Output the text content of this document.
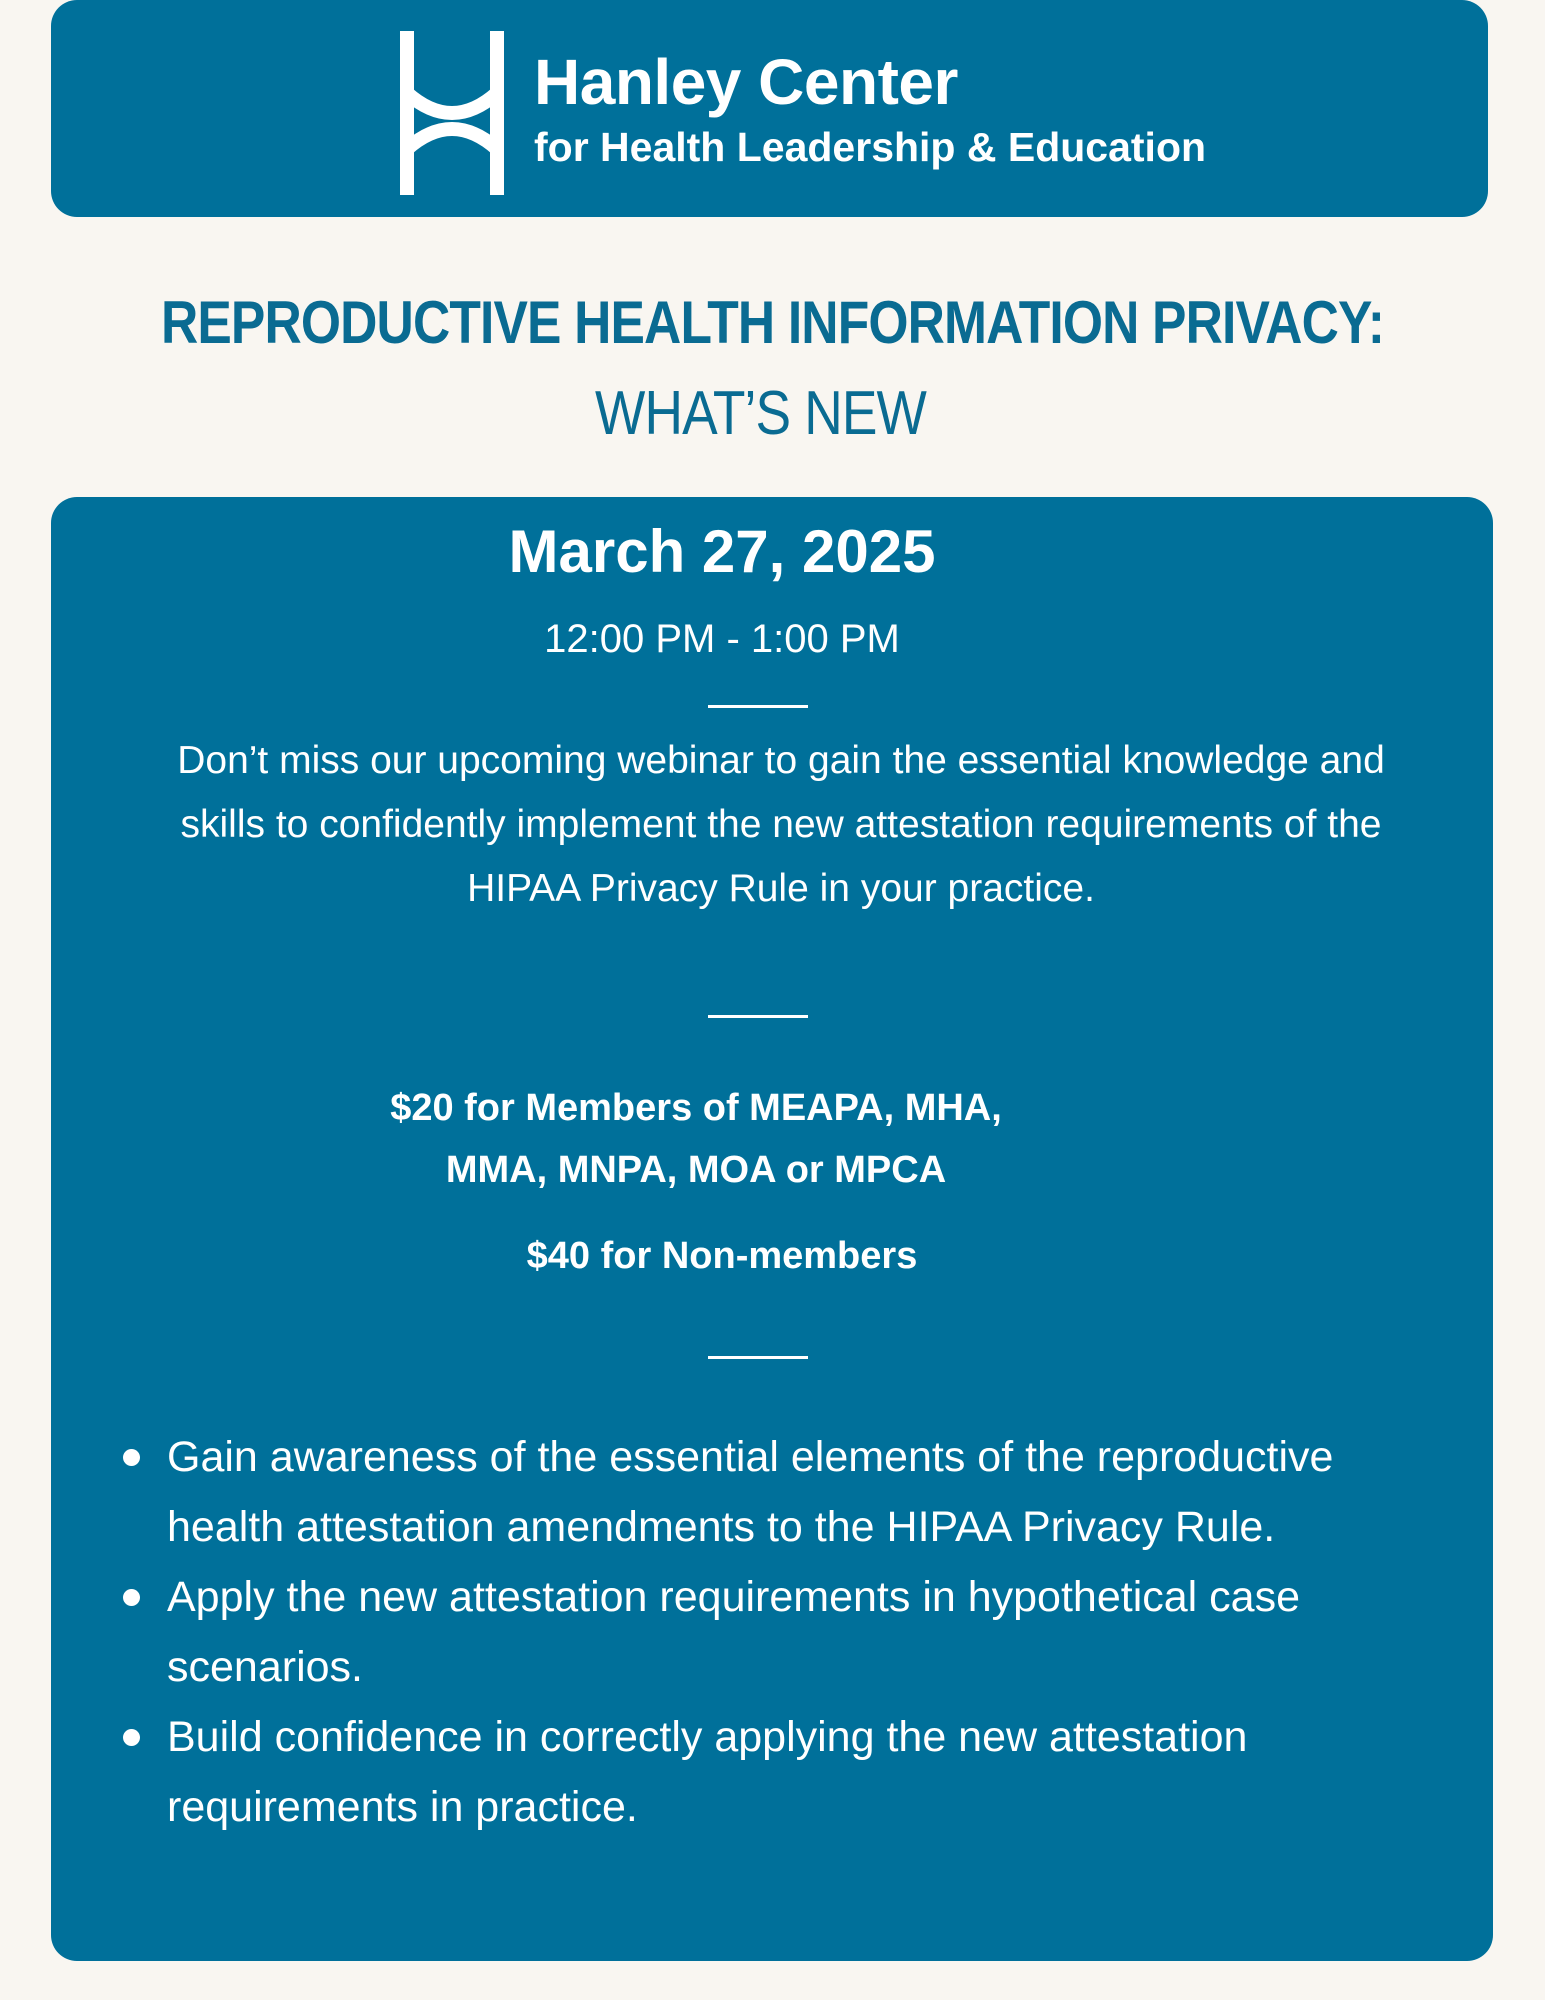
Hanley Center
for Health Leadership & Education
REPRODUCTIVE HEALTH INFORMATION PRIVACY:
WHAT’S NEW
March 27, 2025
12:00 PM - 1:00 PM
Don’t miss our upcoming webinar to gain the essential knowledge and skills to confidently implement the new attestation requirements of the HIPAA Privacy Rule in your practice.
$20 for Members of MEAPA, MHA,
MMA, MNPA, MOA or MPCA
$40 for Non-members
Gain awareness of the essential elements of the reproductive health attestation amendments to the HIPAA Privacy Rule.
Apply the new attestation requirements in hypothetical case scenarios.
Build confidence in correctly applying the new attestation requirements in practice.
